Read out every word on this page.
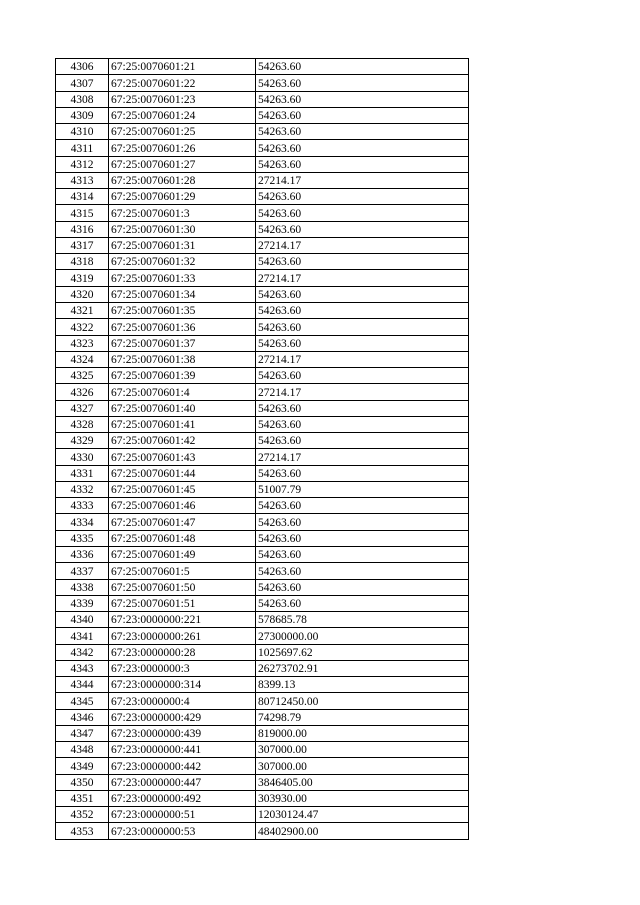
4306	67:25:0070601:21	54263.60
4307	67:25:0070601:22	54263.60
4308	67:25:0070601:23	54263.60
4309	67:25:0070601:24	54263.60
4310	67:25:0070601:25	54263.60
4311	67:25:0070601:26	54263.60
4312	67:25:0070601:27	54263.60
4313	67:25:0070601:28	27214.17
4314	67:25:0070601:29	54263.60
4315	67:25:0070601:3	54263.60
4316	67:25:0070601:30	54263.60
4317	67:25:0070601:31	27214.17
4318	67:25:0070601:32	54263.60
4319	67:25:0070601:33	27214.17
4320	67:25:0070601:34	54263.60
4321	67:25:0070601:35	54263.60
4322	67:25:0070601:36	54263.60
4323	67:25:0070601:37	54263.60
4324	67:25:0070601:38	27214.17
4325	67:25:0070601:39	54263.60
4326	67:25:0070601:4	27214.17
4327	67:25:0070601:40	54263.60
4328	67:25:0070601:41	54263.60
4329	67:25:0070601:42	54263.60
4330	67:25:0070601:43	27214.17
4331	67:25:0070601:44	54263.60
4332	67:25:0070601:45	51007.79
4333	67:25:0070601:46	54263.60
4334	67:25:0070601:47	54263.60
4335	67:25:0070601:48	54263.60
4336	67:25:0070601:49	54263.60
4337	67:25:0070601:5	54263.60
4338	67:25:0070601:50	54263.60
4339	67:25:0070601:51	54263.60
4340	67:23:0000000:221	578685.78
4341	67:23:0000000:261	27300000.00
4342	67:23:0000000:28	1025697.62
4343	67:23:0000000:3	26273702.91
4344	67:23:0000000:314	8399.13
4345	67:23:0000000:4	80712450.00
4346	67:23:0000000:429	74298.79
4347	67:23:0000000:439	819000.00
4348	67:23:0000000:441	307000.00
4349	67:23:0000000:442	307000.00
4350	67:23:0000000:447	3846405.00
4351	67:23:0000000:492	303930.00
4352	67:23:0000000:51	12030124.47
4353	67:23:0000000:53	48402900.00
